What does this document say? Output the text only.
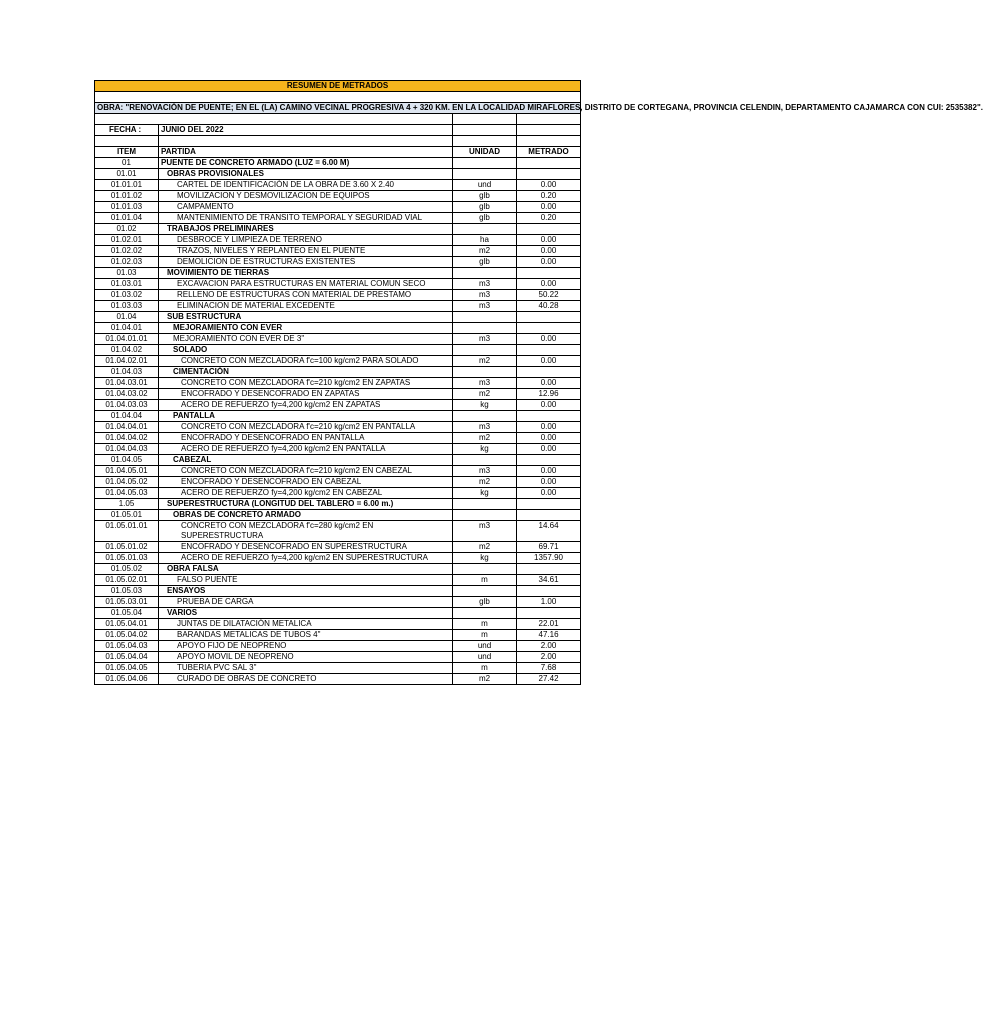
RESUMEN DE METRADOS			

OBRA: "RENOVACIÓN DE PUENTE; EN EL (LA) CAMINO VECINAL PROGRESIVA 4 + 320 KM. EN LA LOCALIDAD MIRAFLORES, DISTRITO DE CORTEGANA, PROVINCIA CELENDIN, DEPARTAMENTO CAJAMARCA CON CUI: 2535382".			

FECHA :	JUNIO DEL 2022		

ITEM	PARTIDA	UNIDAD	METRADO
01	PUENTE DE CONCRETO ARMADO (LUZ = 6.00 M)		
01.01	OBRAS PROVISIONALES		
01.01.01	CARTEL DE IDENTIFICACIÓN DE LA OBRA DE 3.60 X 2.40	und	0.00
01.01.02	MOVILIZACION Y DESMOVILIZACION DE EQUIPOS	glb	0.20
01.01.03	CAMPAMENTO	glb	0.00
01.01.04	MANTENIMIENTO DE TRANSITO TEMPORAL Y SEGURIDAD VIAL	glb	0.20
01.02	TRABAJOS PRELIMINARES		
01.02.01	DESBROCE Y LIMPIEZA DE TERRENO	ha	0.00
01.02.02	TRAZOS, NIVELES Y REPLANTEO EN EL PUENTE	m2	0.00
01.02.03	DEMOLICION DE ESTRUCTURAS EXISTENTES	glb	0.00
01.03	MOVIMIENTO DE TIERRAS		
01.03.01	EXCAVACION PARA ESTRUCTURAS EN MATERIAL COMUN SECO	m3	0.00
01.03.02	RELLENO DE ESTRUCTURAS CON MATERIAL DE PRESTAMO	m3	50.22
01.03.03	ELIMINACION DE MATERIAL EXCEDENTE	m3	40.28
01.04	SUB ESTRUCTURA		
01.04.01	MEJORAMIENTO CON EVER		
01.04.01.01	MEJORAMIENTO CON EVER DE 3"	m3	0.00
01.04.02	SOLADO		
01.04.02.01	CONCRETO CON MEZCLADORA f'c=100 kg/cm2 PARA SOLADO	m2	0.00
01.04.03	CIMENTACIÓN		
01.04.03.01	CONCRETO CON MEZCLADORA f'c=210 kg/cm2 EN ZAPATAS	m3	0.00
01.04.03.02	ENCOFRADO Y DESENCOFRADO EN ZAPATAS	m2	12.96
01.04.03.03	ACERO DE REFUERZO fy=4,200 kg/cm2 EN ZAPATAS	kg	0.00
01.04.04	PANTALLA		
01.04.04.01	CONCRETO CON MEZCLADORA f'c=210 kg/cm2 EN PANTALLA	m3	0.00
01.04.04.02	ENCOFRADO Y DESENCOFRADO EN PANTALLA	m2	0.00
01.04.04.03	ACERO DE REFUERZO fy=4,200 kg/cm2 EN PANTALLA	kg	0.00
01.04.05	CABEZAL		
01.04.05.01	CONCRETO CON MEZCLADORA f'c=210 kg/cm2 EN CABEZAL	m3	0.00
01.04.05.02	ENCOFRADO Y DESENCOFRADO EN CABEZAL	m2	0.00
01.04.05.03	ACERO DE REFUERZO fy=4,200 kg/cm2 EN CABEZAL	kg	0.00
1.05	SUPERESTRUCTURA (LONGITUD DEL TABLERO = 6.00 m.)		
01.05.01	OBRAS DE CONCRETO ARMADO		
01.05.01.01	CONCRETO CON MEZCLADORA f'c=280 kg/cm2 EN SUPERESTRUCTURA	m3	14.64
01.05.01.02	ENCOFRADO Y DESENCOFRADO EN SUPERESTRUCTURA	m2	69.71
01.05.01.03	ACERO DE REFUERZO fy=4,200 kg/cm2 EN SUPERESTRUCTURA	kg	1357.90
01.05.02	OBRA FALSA		
01.05.02.01	FALSO PUENTE	m	34.61
01.05.03	ENSAYOS		
01.05.03.01	PRUEBA DE CARGA	glb	1.00
01.05.04	VARIOS		
01.05.04.01	JUNTAS DE DILATACIÓN METALICA	m	22.01
01.05.04.02	BARANDAS METALICAS DE TUBOS 4"	m	47.16
01.05.04.03	APOYO FIJO DE NEOPRENO	und	2.00
01.05.04.04	APOYO MOVIL DE NEOPRENO	und	2.00
01.05.04.05	TUBERIA PVC SAL 3"	m	7.68
01.05.04.06	CURADO DE OBRAS DE CONCRETO	m2	27.42
